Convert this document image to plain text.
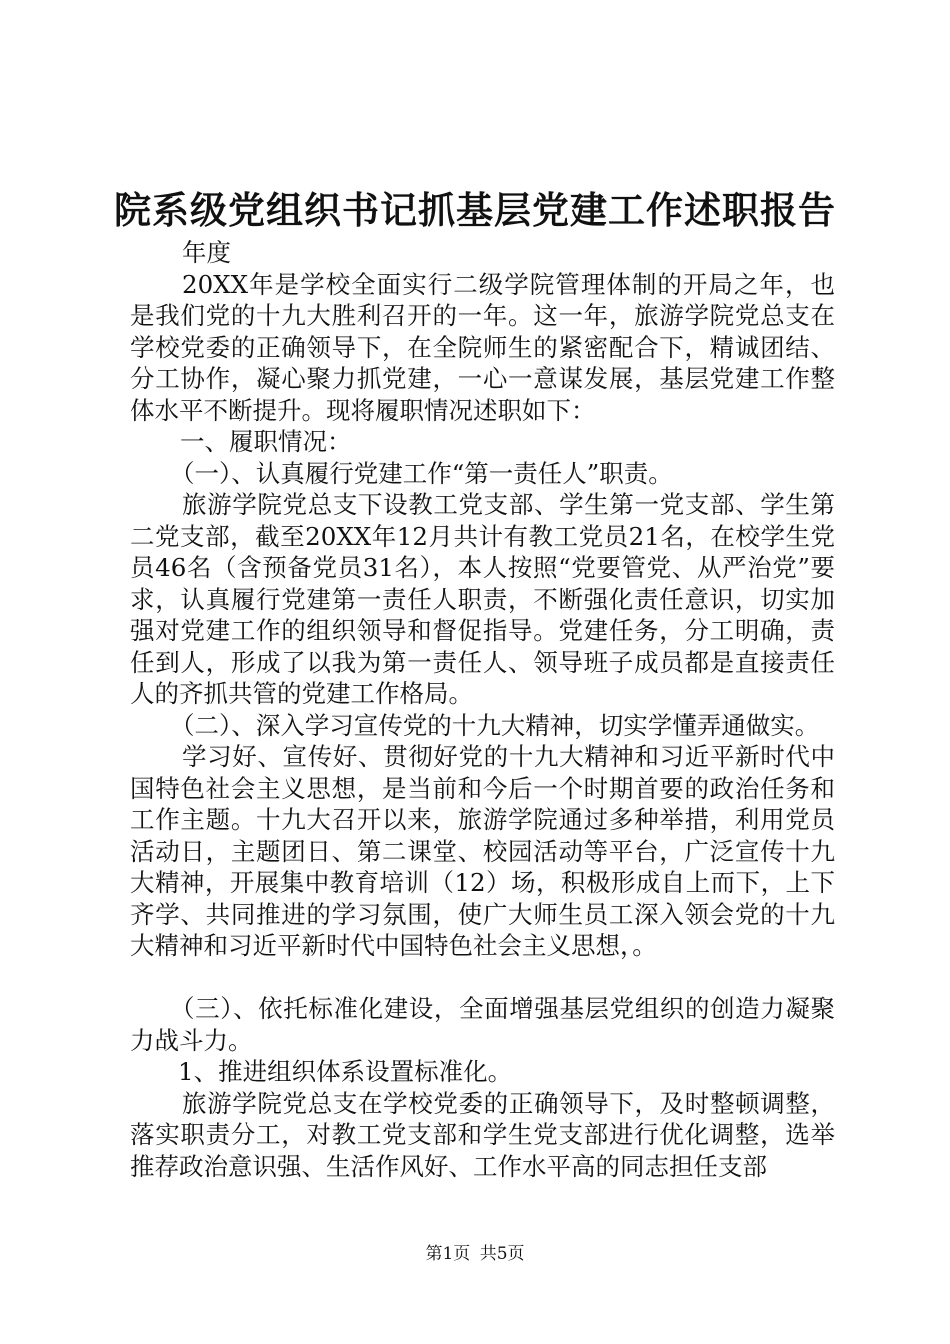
院系级党组织书记抓基层党建工作述职报告

年度

20XX年是学校全面实行二级学院管理体制的开局之年，也是我们党的十九大胜利召开的一年。这一年，旅游学院党总支在学校党委的正确领导下，在全院师生的紧密配合下，精诚团结、分工协作，凝心聚力抓党建，一心一意谋发展，基层党建工作整体水平不断提升。现将履职情况述职如下：

一、履职情况：

（一）、认真履行党建工作“第一责任人”职责。

旅游学院党总支下设教工党支部、学生第一党支部、学生第二党支部，截至20XX年12月共计有教工党员21名，在校学生党员46名（含预备党员31名），本人按照“党要管党、从严治党”要求，认真履行党建第一责任人职责，不断强化责任意识，切实加强对党建工作的组织领导和督促指导。党建任务，分工明确，责任到人，形成了以我为第一责任人、领导班子成员都是直接责任人的齐抓共管的党建工作格局。

（二）、深入学习宣传党的十九大精神，切实学懂弄通做实。

学习好、宣传好、贯彻好党的十九大精神和习近平新时代中国特色社会主义思想，是当前和今后一个时期首要的政治任务和工作主题。十九大召开以来，旅游学院通过多种举措，利用党员活动日，主题团日、第二课堂、校园活动等平台，广泛宣传十九大精神，开展集中教育培训（12）场，积极形成自上而下，上下齐学、共同推进的学习氛围，使广大师生员工深入领会党的十九大精神和习近平新时代中国特色社会主义思想，。

（三）、依托标准化建设，全面增强基层党组织的创造力凝聚力战斗力。

1、推进组织体系设置标准化。

旅游学院党总支在学校党委的正确领导下，及时整顿调整，落实职责分工，对教工党支部和学生党支部进行优化调整，选举推荐政治意识强、生活作风好、工作水平高的同志担任支部

第1页 共5页
